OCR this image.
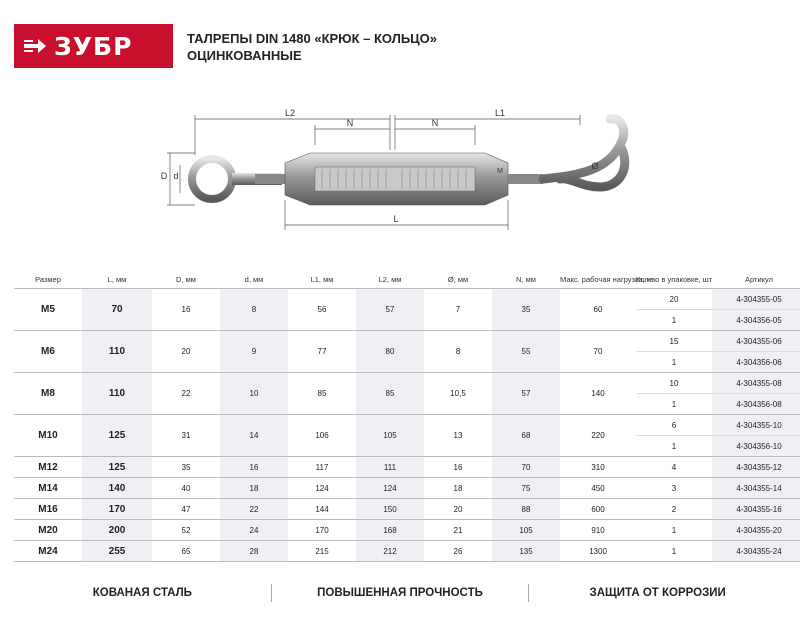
ЗУБР	ТАЛРЕПЫ DIN 1480 «КРЮК – КОЛЬЦО»
ОЦИНКОВАННЫЕ
L2
N	N
L1
L
D d
Ø
M
Размер	L, мм	D, мм	d, мм	L1, мм	L2, мм	Ø, мм	N, мм	Макс. рабочая нагрузка, кг	Кол-во в упаковке, шт	Артикул
M5	70	16	8	56	57	7	35	60	20	4-304355-05
									1	4-304356-05
M6	110	20	9	77	80	8	55	70	15	4-304355-06
									1	4-304356-06
M8	110	22	10	85	85	10,5	57	140	10	4-304355-08
									1	4-304356-08
M10	125	31	14	106	105	13	68	220	6	4-304355-10
									1	4-304356-10
M12	125	35	16	117	111	16	70	310	4	4-304355-12
M14	140	40	18	124	124	18	75	450	3	4-304355-14
M16	170	47	22	144	150	20	88	600	2	4-304355-16
M20	200	52	24	170	168	21	105	910	1	4-304355-20
M24	255	65	28	215	212	26	135	1300	1	4-304355-24
КОВАНАЯ СТАЛЬ	ПОВЫШЕННАЯ ПРОЧНОСТЬ	ЗАЩИТА ОТ КОРРОЗИИ
